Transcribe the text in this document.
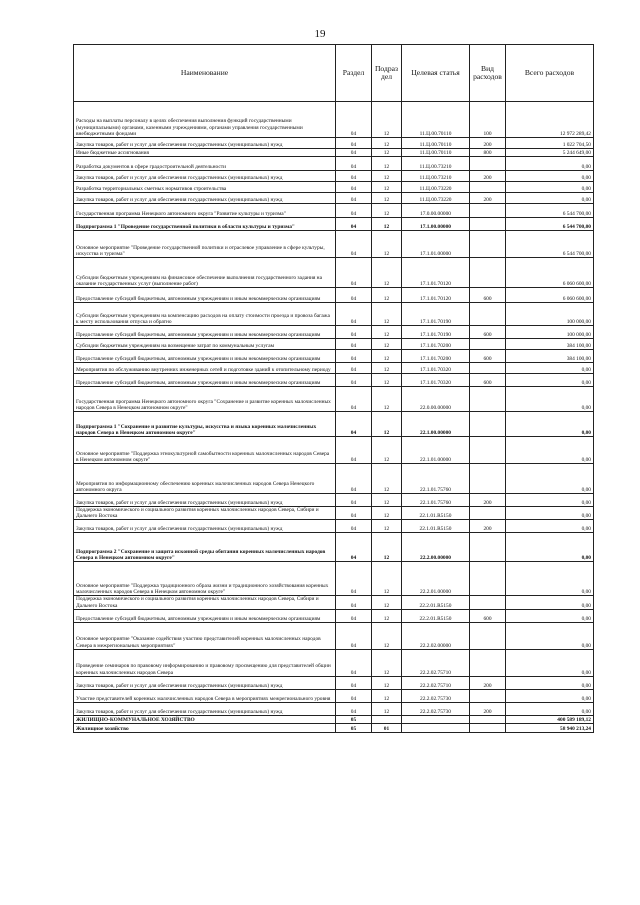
19
Наименование	Раздел	Подраз дел	Целевая статья	Вид расходов	Всего расходов
Расходы на выплаты персоналу в целях обеспечения выполнения функций государственными (муниципальными) органами, казенными учреждениями, органами управления государственными внебюджетными фондами	04	12	11.Ц.00.70110	100	12 972 289,42
Закупка товаров, работ и услуг для обеспечения государственных (муниципальных) нужд	04	12	11.Ц.00.70110	200	1 022 704,50
Иные бюджетные ассигнования	04	12	11.Ц.00.70110	800	5 244 649,00
Разработка документов в сфере градостроительной деятельности	04	12	11.Ц.00.73210		0,00
Закупка товаров, работ и услуг для обеспечения государственных (муниципальных) нужд	04	12	11.Ц.00.73210	200	0,00
Разработка территориальных сметных нормативов строительства	04	12	11.Ц.00.73220		0,00
Закупка товаров, работ и услуг для обеспечения государственных (муниципальных) нужд	04	12	11.Ц.00.73220	200	0,00
Государственная программа Ненецкого автономного округа "Развитие культуры и туризма"	04	12	17.0.00.00000		6 544 700,00
Подпрограмма 1 "Проведение государственной политики в области культуры и туризма"	04	12	17.1.00.00000		6 544 700,00
Основное мероприятие "Проведение государственной политики и отраслевое управление в сфере культуры, искусства и туризма"	04	12	17.1.01.00000		6 544 700,00
Субсидии бюджетным учреждениям на финансовое обеспечение выполнения государственного задания на оказание государственных услуг (выполнение работ)	04	12	17.1.01.70120		6 060 600,00
Предоставление субсидий бюджетным, автономным учреждениям и иным некоммерческим организациям	04	12	17.1.01.70120	600	6 060 600,00
Субсидии бюджетным учреждениям на компенсацию расходов на оплату стоимости проезда и провоза багажа к месту использования отпуска и обратно	04	12	17.1.01.70190		100 000,00
Предоставление субсидий бюджетным, автономным учреждениям и иным некоммерческим организациям	04	12	17.1.01.70190	600	100 000,00
Субсидии бюджетным учреждениям на возмещение затрат по коммунальным услугам	04	12	17.1.01.70200		384 100,00
Предоставление субсидий бюджетным, автономным учреждениям и иным некоммерческим организациям	04	12	17.1.01.70200	600	384 100,00
Мероприятия по обслуживанию внутренних инженерных сетей и подготовке зданий к отопительному периоду	04	12	17.1.01.70320		0,00
Предоставление субсидий бюджетным, автономным учреждениям и иным некоммерческим организациям	04	12	17.1.01.70320	600	0,00
Государственная программа Ненецкого автономного округа "Сохранение и развитие коренных малочисленных народов Севера в Ненецком автономном округе"	04	12	22.0.00.00000		0,00
Подпрограмма 1 "Сохранение и развитие культуры, искусства и языка коренных малочисленных народов Севера в Ненецком автономном округе"	04	12	22.1.00.00000		0,00
Основное мероприятие "Поддержка этнокультурной самобытности коренных малочисленных народов Севера в Ненецком автономном округе"	04	12	22.1.01.00000		0,00
Мероприятия по информационному обеспечению коренных малочисленных народов Севера Ненецкого автономного округа	04	12	22.1.01.75760		0,00
Закупка товаров, работ и услуг для обеспечения государственных (муниципальных) нужд	04	12	22.1.01.75760	200	0,00
Поддержка экономического и социального развития коренных малочисленных народов Севера, Сибири и Дальнего Востока	04	12	22.1.01.R5150		0,00
Закупка товаров, работ и услуг для обеспечения государственных (муниципальных) нужд	04	12	22.1.01.R5150	200	0,00
Подпрограмма 2 "Сохранение и защита исконной среды обитания коренных малочисленных народов Севера в Ненецком автономном округе"	04	12	22.2.00.00000		0,00
Основное мероприятие "Поддержка традиционного образа жизни и традиционного хозяйствования коренных малочисленных народов Севера в Ненецком автономном округе"	04	12	22.2.01.00000		0,00
Поддержка экономического и социального развития коренных малочисленных народов Севера, Сибири и Дальнего Востока	04	12	22.2.01.R5150		0,00
Предоставление субсидий бюджетным, автономным учреждениям и иным некоммерческим организациям	04	12	22.2.01.R5150	600	0,00
Основное мероприятие "Оказание содействия участию представителей коренных малочисленных народов Севера в межрегиональных мероприятиях"	04	12	22.2.02.00000		0,00
Проведение семинаров по правовому информированию и правовому просвещению для представителей общин коренных малочисленных народов Севера	04	12	22.2.02.75710		0,00
Закупка товаров, работ и услуг для обеспечения государственных (муниципальных) нужд	04	12	22.2.02.75710	200	0,00
Участие представителей коренных малочисленных народов Севера в мероприятиях межрегионального уровня	04	12	22.2.02.75730		0,00
Закупка товаров, работ и услуг для обеспечения государственных (муниципальных) нужд	04	12	22.2.02.75730	200	0,00
ЖИЛИЩНО-КОММУНАЛЬНОЕ ХОЗЯЙСТВО	05				400 589 189,12
Жилищное хозяйство	05	01			58 940 213,24
